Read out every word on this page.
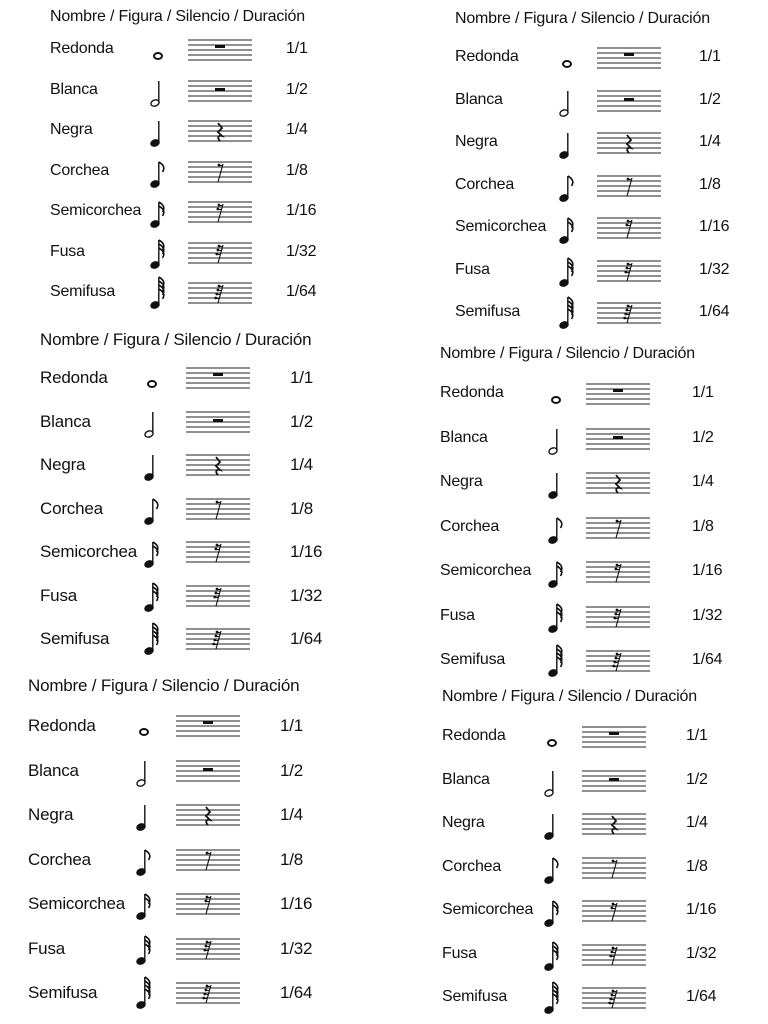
Nombre / Figura / Silencio / Duración
Redonda	1/1
Blanca	1/2
Negra	1/4
Corchea	1/8
Semicorchea	1/16
Fusa	1/32
Semifusa	1/64
Nombre / Figura / Silencio / Duración
Redonda	1/1
Blanca	1/2
Negra	1/4
Corchea	1/8
Semicorchea	1/16
Fusa	1/32
Semifusa	1/64
Nombre / Figura / Silencio / Duración
Redonda	1/1
Blanca	1/2
Negra	1/4
Corchea	1/8
Semicorchea	1/16
Fusa	1/32
Semifusa	1/64
Nombre / Figura / Silencio / Duración
Redonda	1/1
Blanca	1/2
Negra	1/4
Corchea	1/8
Semicorchea	1/16
Fusa	1/32
Semifusa	1/64
Nombre / Figura / Silencio / Duración
Redonda	1/1
Blanca	1/2
Negra	1/4
Corchea	1/8
Semicorchea	1/16
Fusa	1/32
Semifusa	1/64
Nombre / Figura / Silencio / Duración
Redonda	1/1
Blanca	1/2
Negra	1/4
Corchea	1/8
Semicorchea	1/16
Fusa	1/32
Semifusa	1/64
